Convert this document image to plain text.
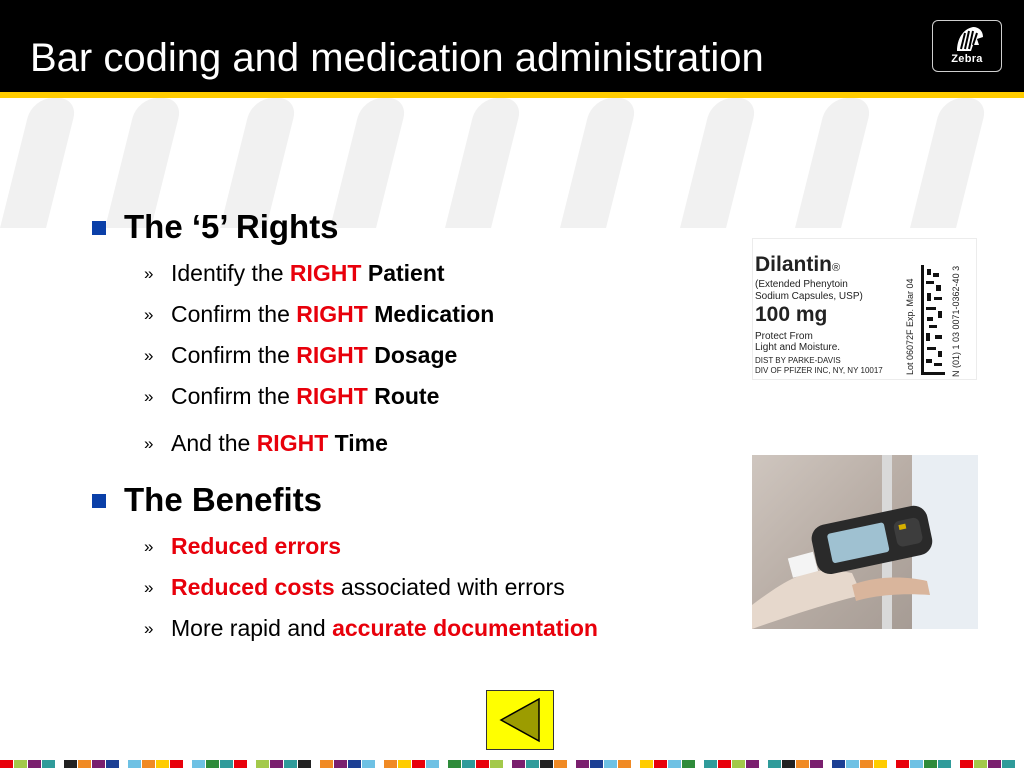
Bar coding and medication administration	Zebra
The ‘5’ Rights
» Identify the RIGHT Patient
» Confirm the RIGHT Medication
» Confirm the RIGHT Dosage
» Confirm the RIGHT Route
» And the RIGHT Time
The Benefits
» Reduced errors
» Reduced costs associated with errors
» More rapid and accurate documentation
Dilantin®
(Extended Phenytoin
Sodium Capsules, USP)
100 mg
Protect From
Light and Moisture.
DIST BY PARKE-DAVIS
DIV OF PFIZER INC, NY, NY 10017 Lot 06072F Exp. Mar 04	N (01) 1 03 0071-0362-40 3
